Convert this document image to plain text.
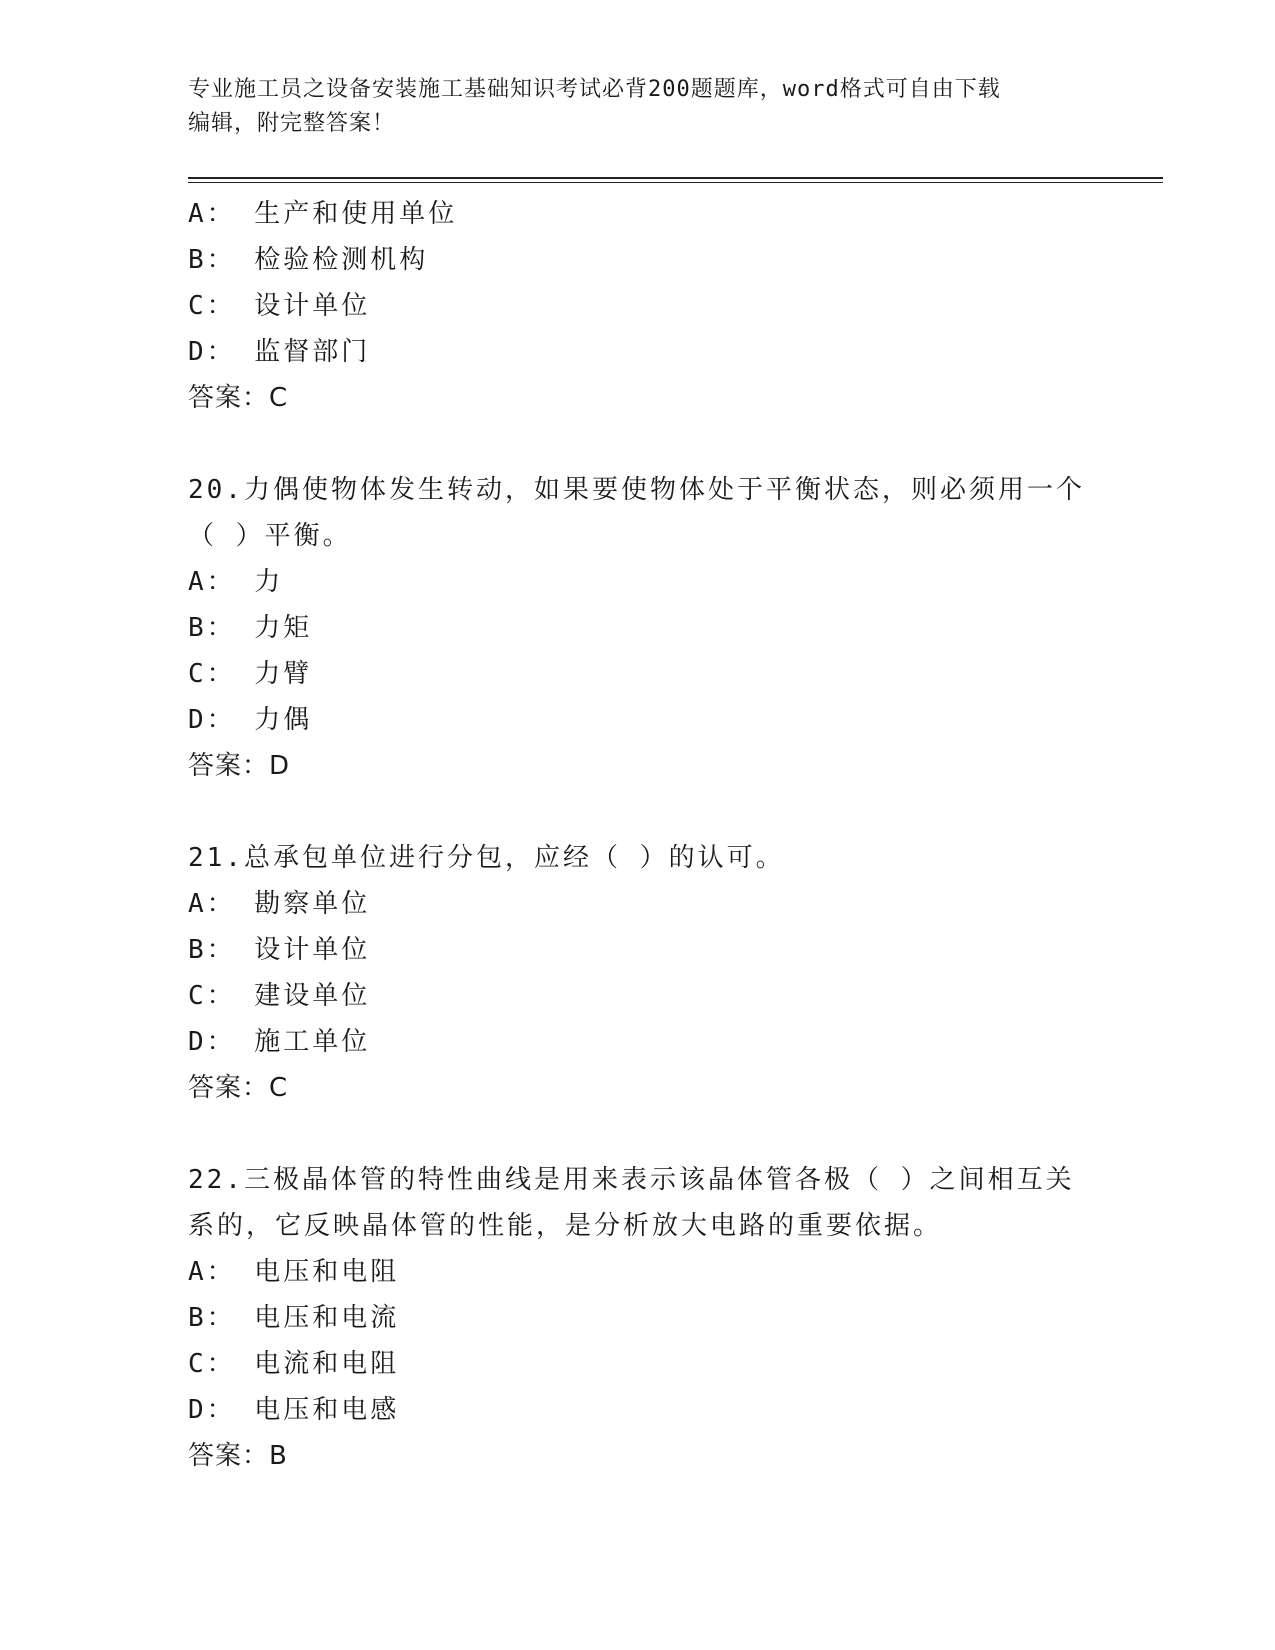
专业施工员之设备安装施工基础知识考试必背200题题库，word格式可自由下载
编辑，附完整答案！
A： 生产和使用单位
B： 检验检测机构
C： 设计单位
D： 监督部门
答案：C
20.力偶使物体发生转动，如果要使物体处于平衡状态，则必须用一个
（ ）平衡。
A： 力
B： 力矩
C： 力臂
D： 力偶
答案：D
21.总承包单位进行分包，应经（ ）的认可。
A： 勘察单位
B： 设计单位
C： 建设单位
D： 施工单位
答案：C
22.三极晶体管的特性曲线是用来表示该晶体管各极（ ）之间相互关
系的，它反映晶体管的性能，是分析放大电路的重要依据。
A： 电压和电阻
B： 电压和电流
C： 电流和电阻
D： 电压和电感
答案：B
